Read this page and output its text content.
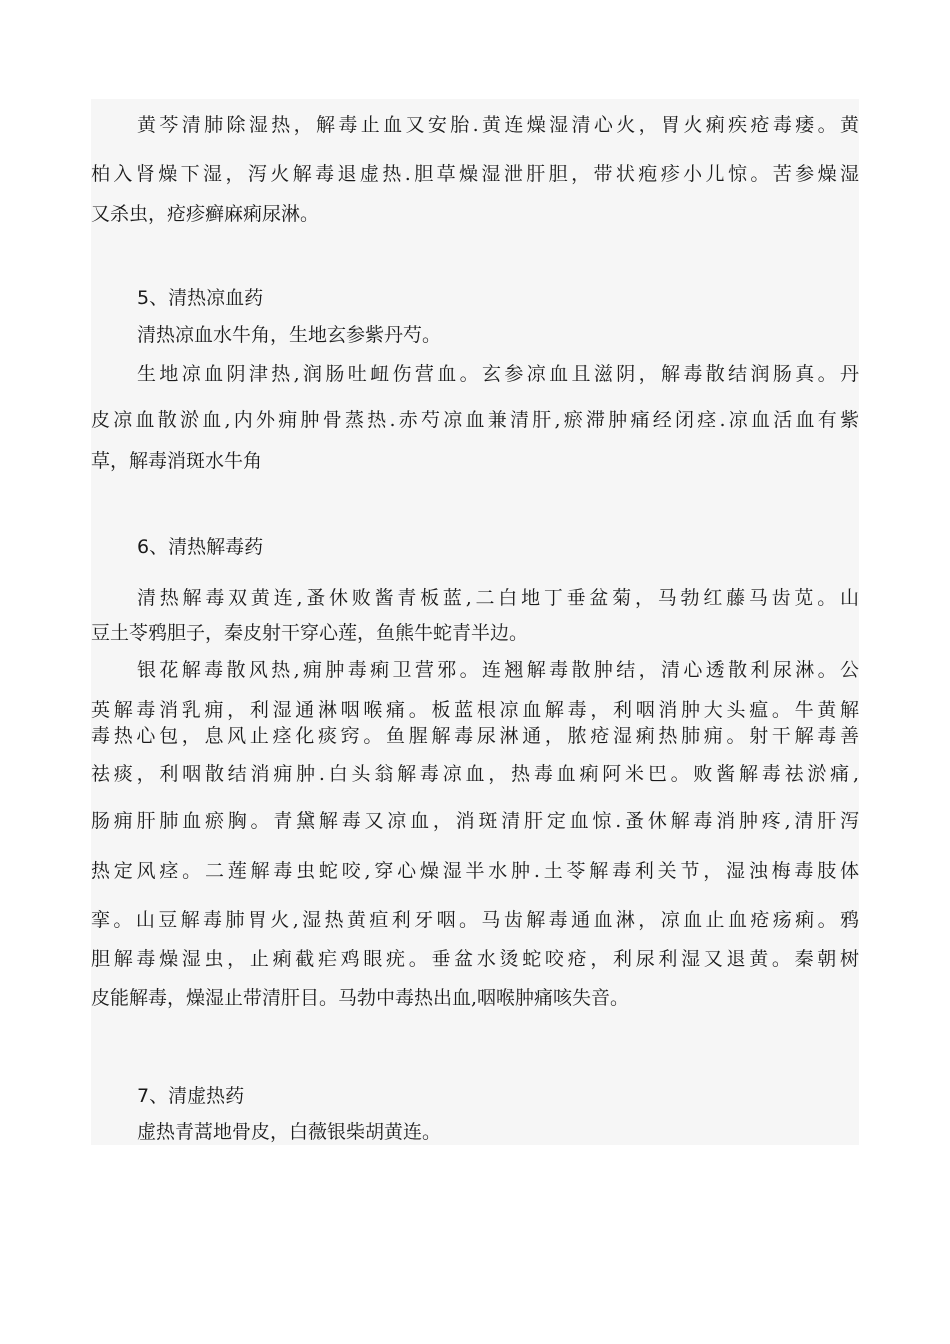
黄芩清肺除湿热，解毒止血又安胎.黄连燥湿清心火，胃火痢疾疮毒痿。黄
柏入肾燥下湿，泻火解毒退虚热.胆草燥湿泄肝胆，带状疱疹小儿惊。苦参燥湿
又杀虫，疮疹癣麻痢尿淋。
5、清热凉血药
清热凉血水牛角，生地玄参紫丹芍。
生地凉血阴津热,润肠吐衄伤营血。玄参凉血且滋阴，解毒散结润肠真。丹
皮凉血散淤血,内外痈肿骨蒸热.赤芍凉血兼清肝,瘀滞肿痛经闭痉.凉血活血有紫
草，解毒消斑水牛角
6、清热解毒药
清热解毒双黄连,蚤休败酱青板蓝,二白地丁垂盆菊，马勃红藤马齿苋。山
豆土苓鸦胆子，秦皮射干穿心莲，鱼熊牛蛇青半边。
银花解毒散风热,痈肿毒痢卫营邪。连翘解毒散肿结，清心透散利尿淋。公
英解毒消乳痈，利湿通淋咽喉痛。板蓝根凉血解毒，利咽消肿大头瘟。牛黄解
毒热心包，息风止痉化痰窍。鱼腥解毒尿淋通，脓疮湿痢热肺痈。射干解毒善
祛痰，利咽散结消痈肿.白头翁解毒凉血，热毒血痢阿米巴。败酱解毒祛淤痛,
肠痈肝肺血瘀胸。青黛解毒又凉血，消斑清肝定血惊.蚤休解毒消肿疼,清肝泻
热定风痉。二莲解毒虫蛇咬,穿心燥湿半水肿.土苓解毒利关节，湿浊梅毒肢体
挛。山豆解毒肺胃火,湿热黄疸利牙咽。马齿解毒通血淋，凉血止血疮疡痢。鸦
胆解毒燥湿虫，止痢截疟鸡眼疣。垂盆水烫蛇咬疮，利尿利湿又退黄。秦朝树
皮能解毒，燥湿止带清肝目。马勃中毒热出血,咽喉肿痛咳失音。
7、清虚热药
虚热青蒿地骨皮，白薇银柴胡黄连。
